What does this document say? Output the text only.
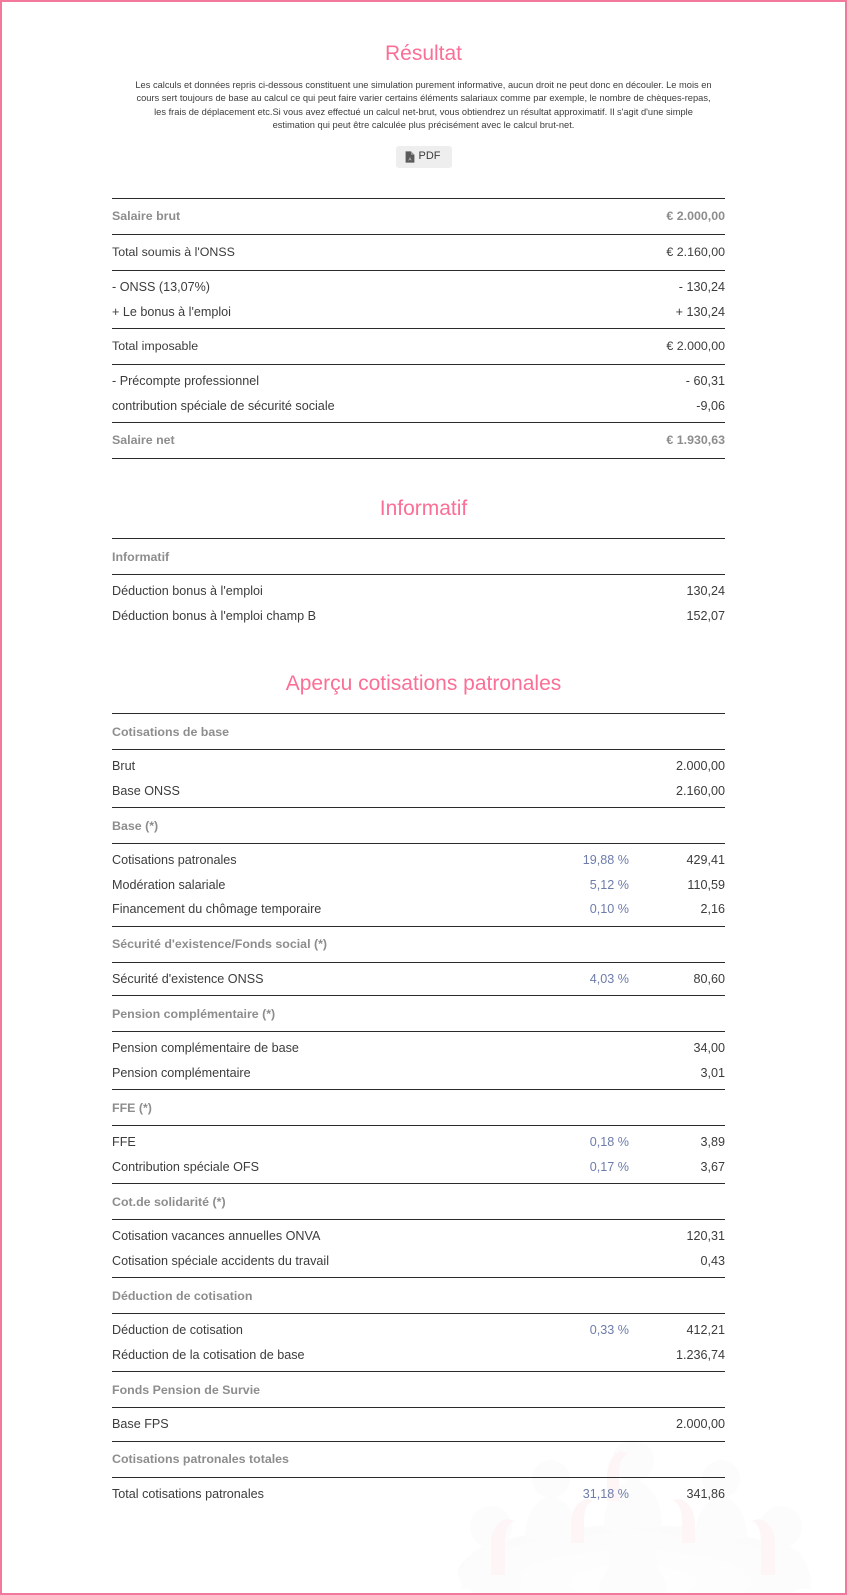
Résultat

Les calculs et données repris ci-dessous constituent une simulation purement informative, aucun droit ne peut donc en découler. Le mois en cours sert toujours de base au calcul ce qui peut faire varier certains éléments salariaux comme par exemple, le nombre de chèques-repas, les frais de déplacement etc.Si vous avez effectué un calcul net-brut, vous obtiendrez un résultat approximatif. Il s'agit d'une simple estimation qui peut être calculée plus précisément avec le calcul brut-net.

A PDF
Salaire brut		€ 2.000,00
Total soumis à l'ONSS		€ 2.160,00
- ONSS (13,07%)		- 130,24
+ Le bonus à l'emploi		+ 130,24
Total imposable		€ 2.000,00
- Précompte professionnel		- 60,31
contribution spéciale de sécurité sociale		-9,06
Salaire net		€ 1.930,63
Informatif
Informatif		
Déduction bonus à l'emploi		130,24
Déduction bonus à l'emploi champ B		152,07
Aperçu cotisations patronales
Cotisations de base		
Brut		2.000,00
Base ONSS		2.160,00
Base (*)		
Cotisations patronales	19,88 %	429,41
Modération salariale	5,12 %	110,59
Financement du chômage temporaire	0,10 %	2,16
Sécurité d'existence/Fonds social (*)		
Sécurité d'existence ONSS	4,03 %	80,60
Pension complémentaire (*)		
Pension complémentaire de base		34,00
Pension complémentaire		3,01
FFE (*)		
FFE	0,18 %	3,89
Contribution spéciale OFS	0,17 %	3,67
Cot.de solidarité (*)		
Cotisation vacances annuelles ONVA		120,31
Cotisation spéciale accidents du travail		0,43
Déduction de cotisation		
Déduction de cotisation	0,33 %	412,21
Réduction de la cotisation de base		1.236,74
Fonds Pension de Survie		
Base FPS		2.000,00
Cotisations patronales totales		
Total cotisations patronales	31,18 %	341,86
